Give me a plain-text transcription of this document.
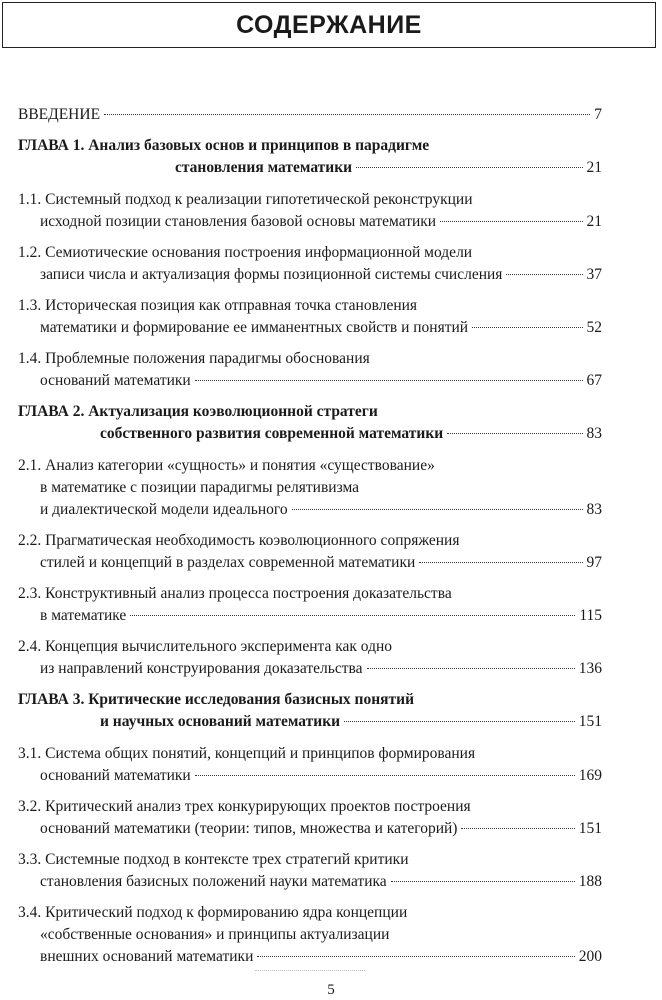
СОДЕРЖАНИЕ
ВВЕДЕНИЕ	7
ГЛАВА 1. Анализ базовых основ и принципов в парадигме
становления математики	21
1.1. Системный подход к реализации гипотетической реконструкции
исходной позиции становления базовой основы математики	21
1.2. Семиотические основания построения информационной модели
записи числа и актуализация формы позиционной системы счисления	37
1.3. Историческая позиция как отправная точка становления
математики и формирование ее имманентных свойств и понятий	52
1.4. Проблемные положения парадигмы обоснования
оснований математики	67
ГЛАВА 2. Актуализация коэволюционной стратеги
собственного развития современной математики	83
2.1. Анализ категории «сущность» и понятия «существование»
в математике с позиции парадигмы релятивизма
и диалектической модели идеального	83
2.2. Прагматическая необходимость коэволюционного сопряжения
стилей и концепций в разделах современной математики	97
2.3. Конструктивный анализ процесса построения доказательства
в математике	115
2.4. Концепция вычислительного эксперимента как одно
из направлений конструирования доказательства	136
ГЛАВА 3. Критические исследования базисных понятий
и научных оснований математики	151
3.1. Система общих понятий, концепций и принципов формирования
оснований математики	169
3.2. Критический анализ трех конкурирующих проектов построения
оснований математики (теории: типов, множества и категорий)	151
3.3. Системные подход в контексте трех стратегий критики
становления базисных положений науки математика	188
3.4. Критический подход к формированию ядра концепции
«собственные основания» и принципы актуализации
внешних оснований математики	200
5
